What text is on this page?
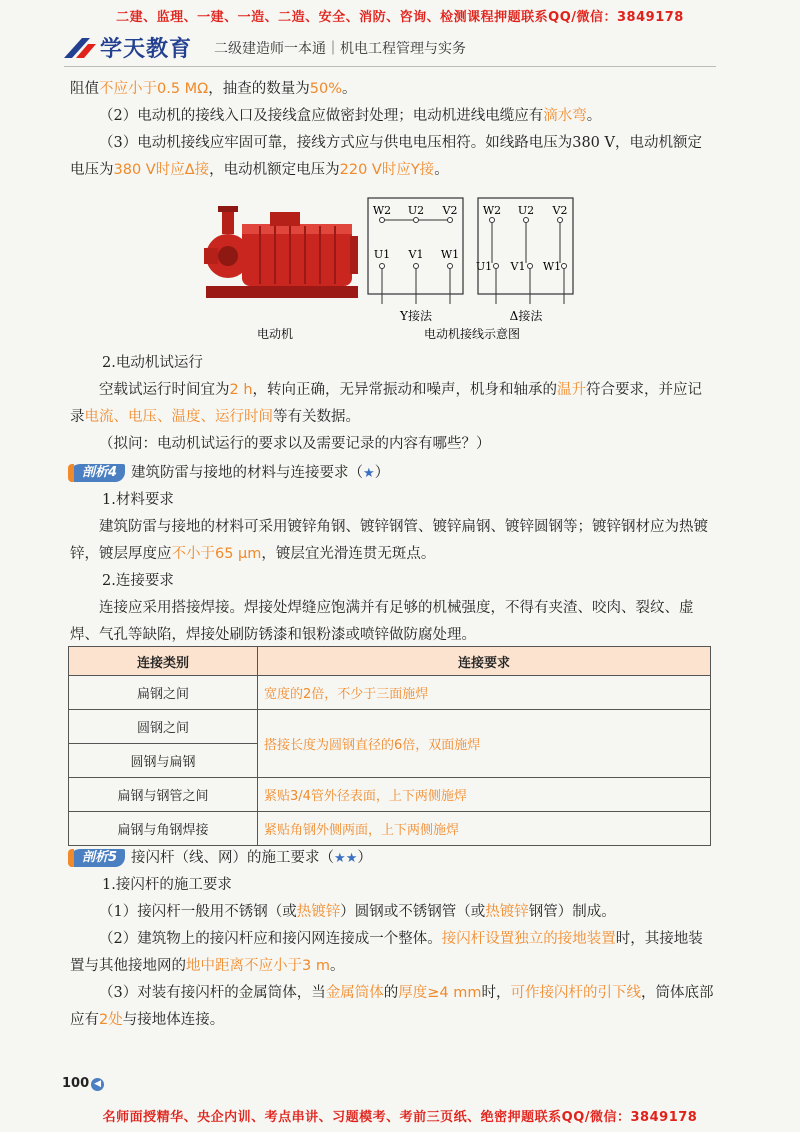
二建、监理、一建、一造、二造、安全、消防、咨询、检测课程押题联系QQ/微信：3849178
学天教育 二级建造师一本通｜机电工程管理与实务

阻值不应小于0.5 MΩ，抽查的数量为50%。

（2）电动机的接线入口及接线盒应做密封处理；电动机进线电缆应有滴水弯。

（3）电动机接线应牢固可靠，接线方式应与供电电压相符。如线路电压为380 V，电动机额定电压为380 V时应Δ接，电动机额定电压为220 V时应Y接。

电动机
W2 U2 V2
U1 V1 W1
Y接法
W2 U2 V2
U1 V1 W1
Δ接法
电动机接线示意图

2.电动机试运行

空载试运行时间宜为2 h，转向正确，无异常振动和噪声，机身和轴承的温升符合要求，并应记录电流、电压、温度、运行时间等有关数据。

（拟问：电动机试运行的要求以及需要记录的内容有哪些？）

剖析4 建筑防雷与接地的材料与连接要求（★）

1.材料要求

建筑防雷与接地的材料可采用镀锌角钢、镀锌钢管、镀锌扁钢、镀锌圆钢等；镀锌钢材应为热镀锌，镀层厚度应不小于65 μm，镀层宜光滑连贯无斑点。

2.连接要求

连接应采用搭接焊接。焊接处焊缝应饱满并有足够的机械强度，不得有夹渣、咬肉、裂纹、虚焊、气孔等缺陷，焊接处刷防锈漆和银粉漆或喷锌做防腐处理。

连接类别	连接要求
扁钢之间	宽度的2倍，不少于三面施焊
圆钢之间	搭接长度为圆钢直径的6倍，双面施焊
圆钢与扁钢	
扁钢与钢管之间	紧贴3/4管外径表面，上下两侧施焊
扁钢与角钢焊接	紧贴角钢外侧两面，上下两侧施焊

剖析5 接闪杆（线、网）的施工要求（★★）

1.接闪杆的施工要求

（1）接闪杆一般用不锈钢（或热镀锌）圆钢或不锈钢管（或热镀锌钢管）制成。

（2）建筑物上的接闪杆应和接闪网连接成一个整体。接闪杆设置独立的接地装置时，其接地装置与其他接地网的地中距离不应小于3 m。

（3）对装有接闪杆的金属筒体，当金属筒体的厚度≥4 mm时，可作接闪杆的引下线，筒体底部应有2处与接地体连接。

100 ◀
名师面授精华、央企内训、考点串讲、习题模考、考前三页纸、绝密押题联系QQ/微信：3849178
